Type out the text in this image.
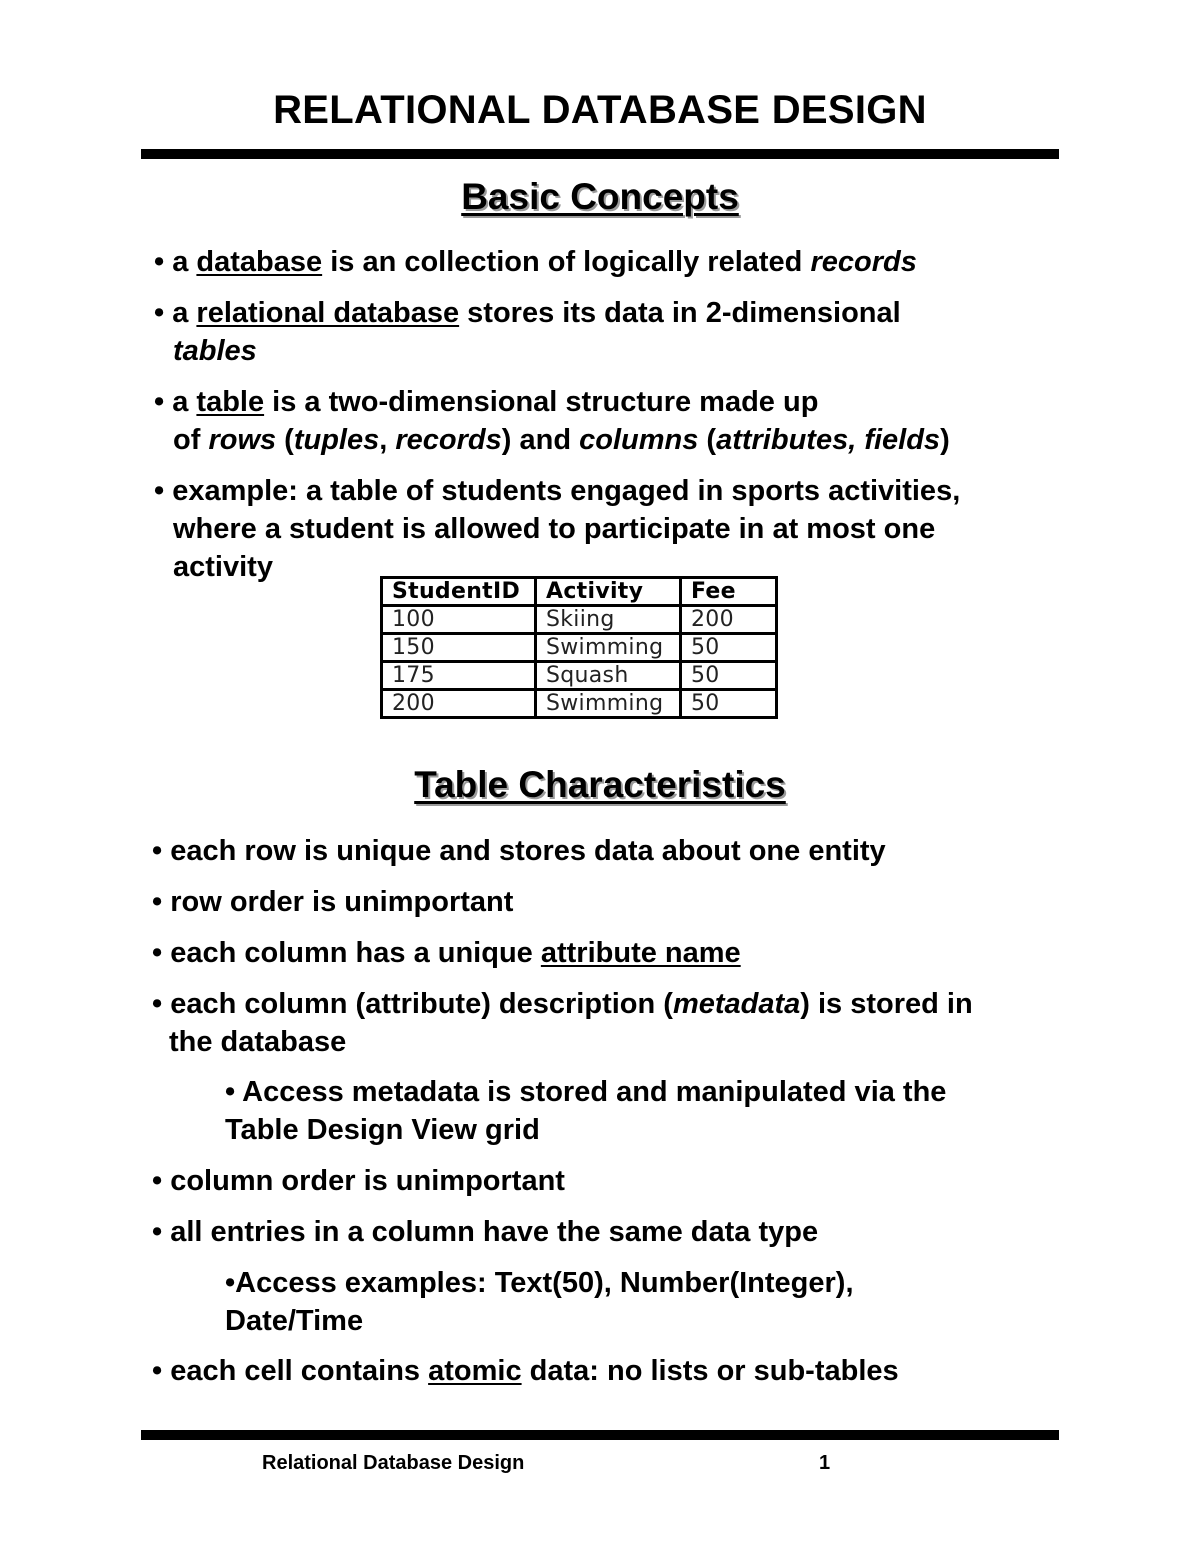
RELATIONAL DATABASE DESIGN
Basic Concepts
• a database is an collection of logically related records
• a relational database stores its data in 2-dimensional
tables
• a table is a two-dimensional structure made up
of rows (tuples, records) and columns (attributes, fields)
• example: a table of students engaged in sports activities,
where a student is allowed to participate in at most one
activity
StudentID	Activity	Fee
100	Skiing	200
150	Swimming	50
175	Squash	50
200	Swimming	50
Table Characteristics
• each row is unique and stores data about one entity
• row order is unimportant
• each column has a unique attribute name
• each column (attribute) description (metadata) is stored in
the database
• Access metadata is stored and manipulated via the
Table Design View grid
• column order is unimportant
• all entries in a column have the same data type
•Access examples: Text(50), Number(Integer),
Date/Time
• each cell contains atomic data: no lists or sub-tables
Relational Database Design	1
